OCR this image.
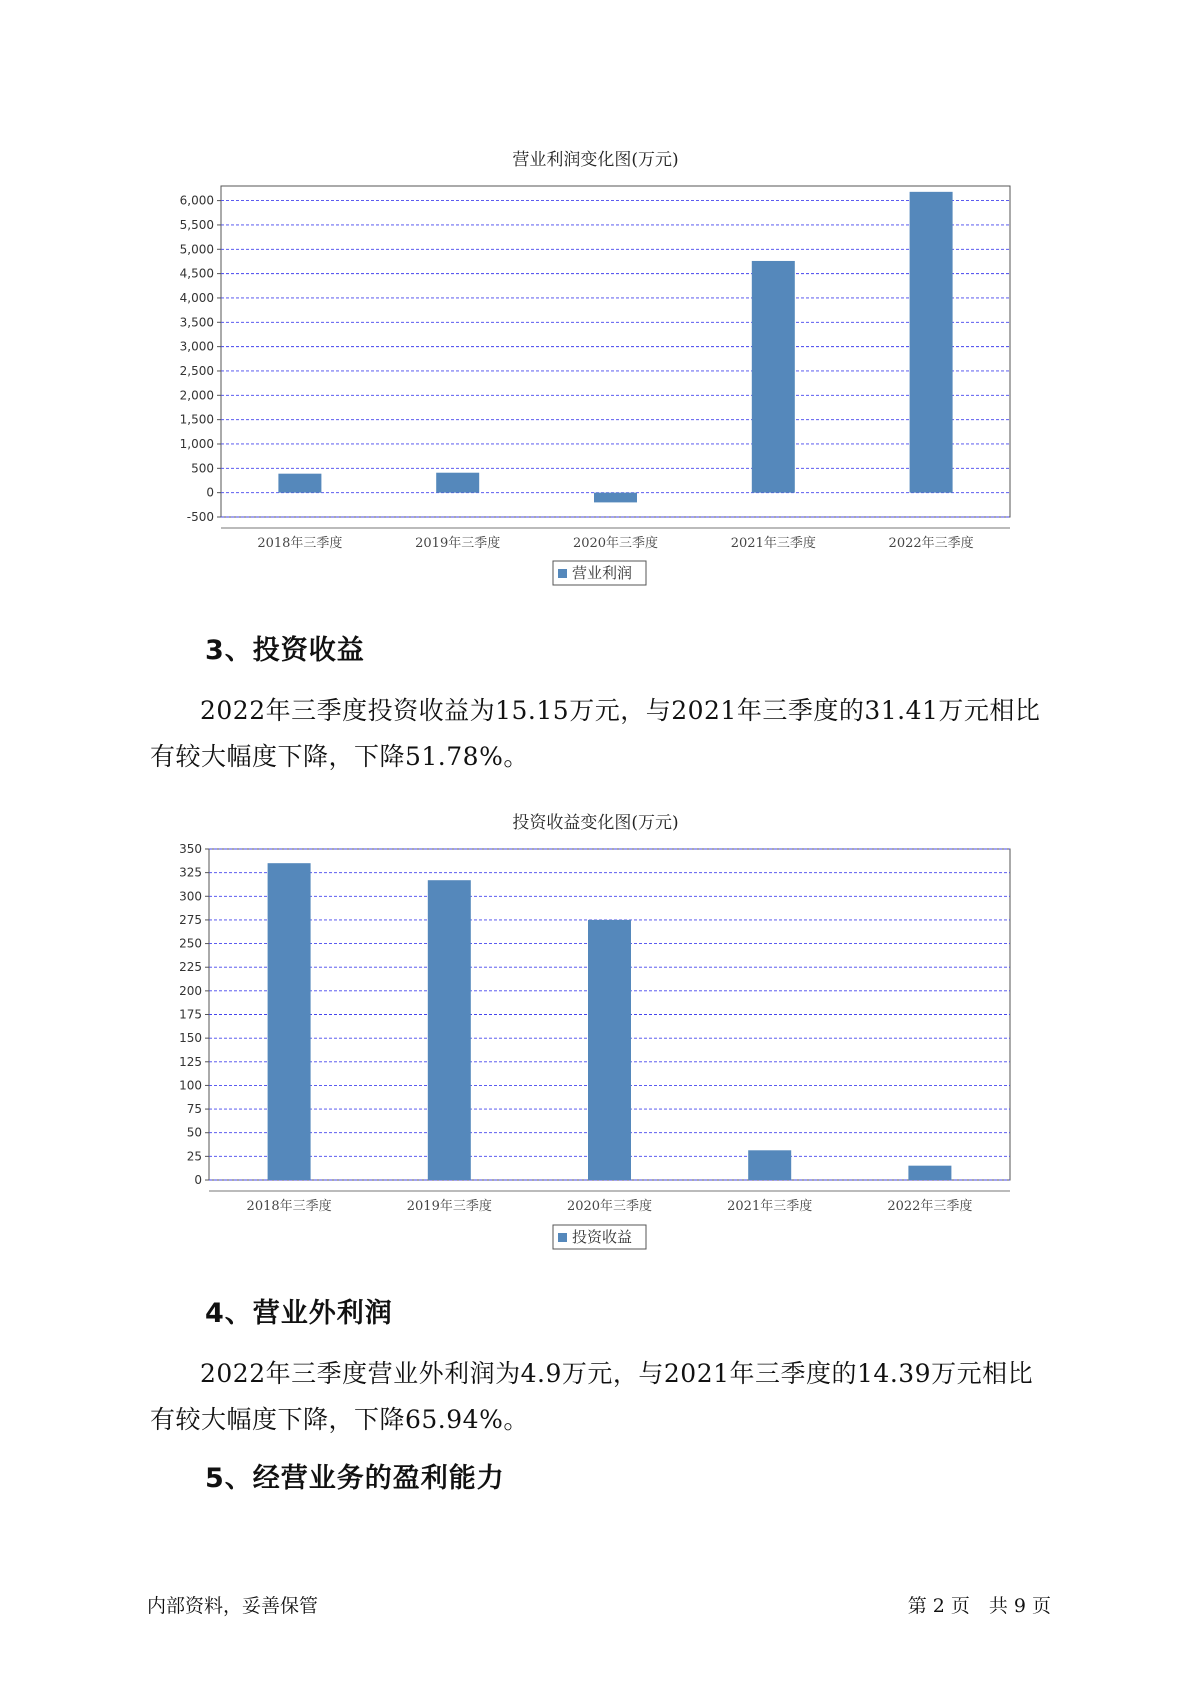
营业利润变化图(万元)
-500
0
500
1,000
1,500
2,000
2,500
3,000
3,500
4,000
4,500
5,000
5,500
6,000
2018年三季度	2019年三季度	2020年三季度	2021年三季度	2022年三季度
营业利润
3、投资收益

2022年三季度投资收益为15.15万元，与2021年三季度的31.41万元相比有较大幅度下降，下降51.78%。

投资收益变化图(万元)
0
25
50
75
100
125
150
175
200
225
250
275
300
325
350
2018年三季度	2019年三季度	2020年三季度	2021年三季度	2022年三季度
投资收益
4、营业外利润

2022年三季度营业外利润为4.9万元，与2021年三季度的14.39万元相比有较大幅度下降，下降65.94%。

5、经营业务的盈利能力
内部资料，妥善保管	第 2 页　共 9 页
